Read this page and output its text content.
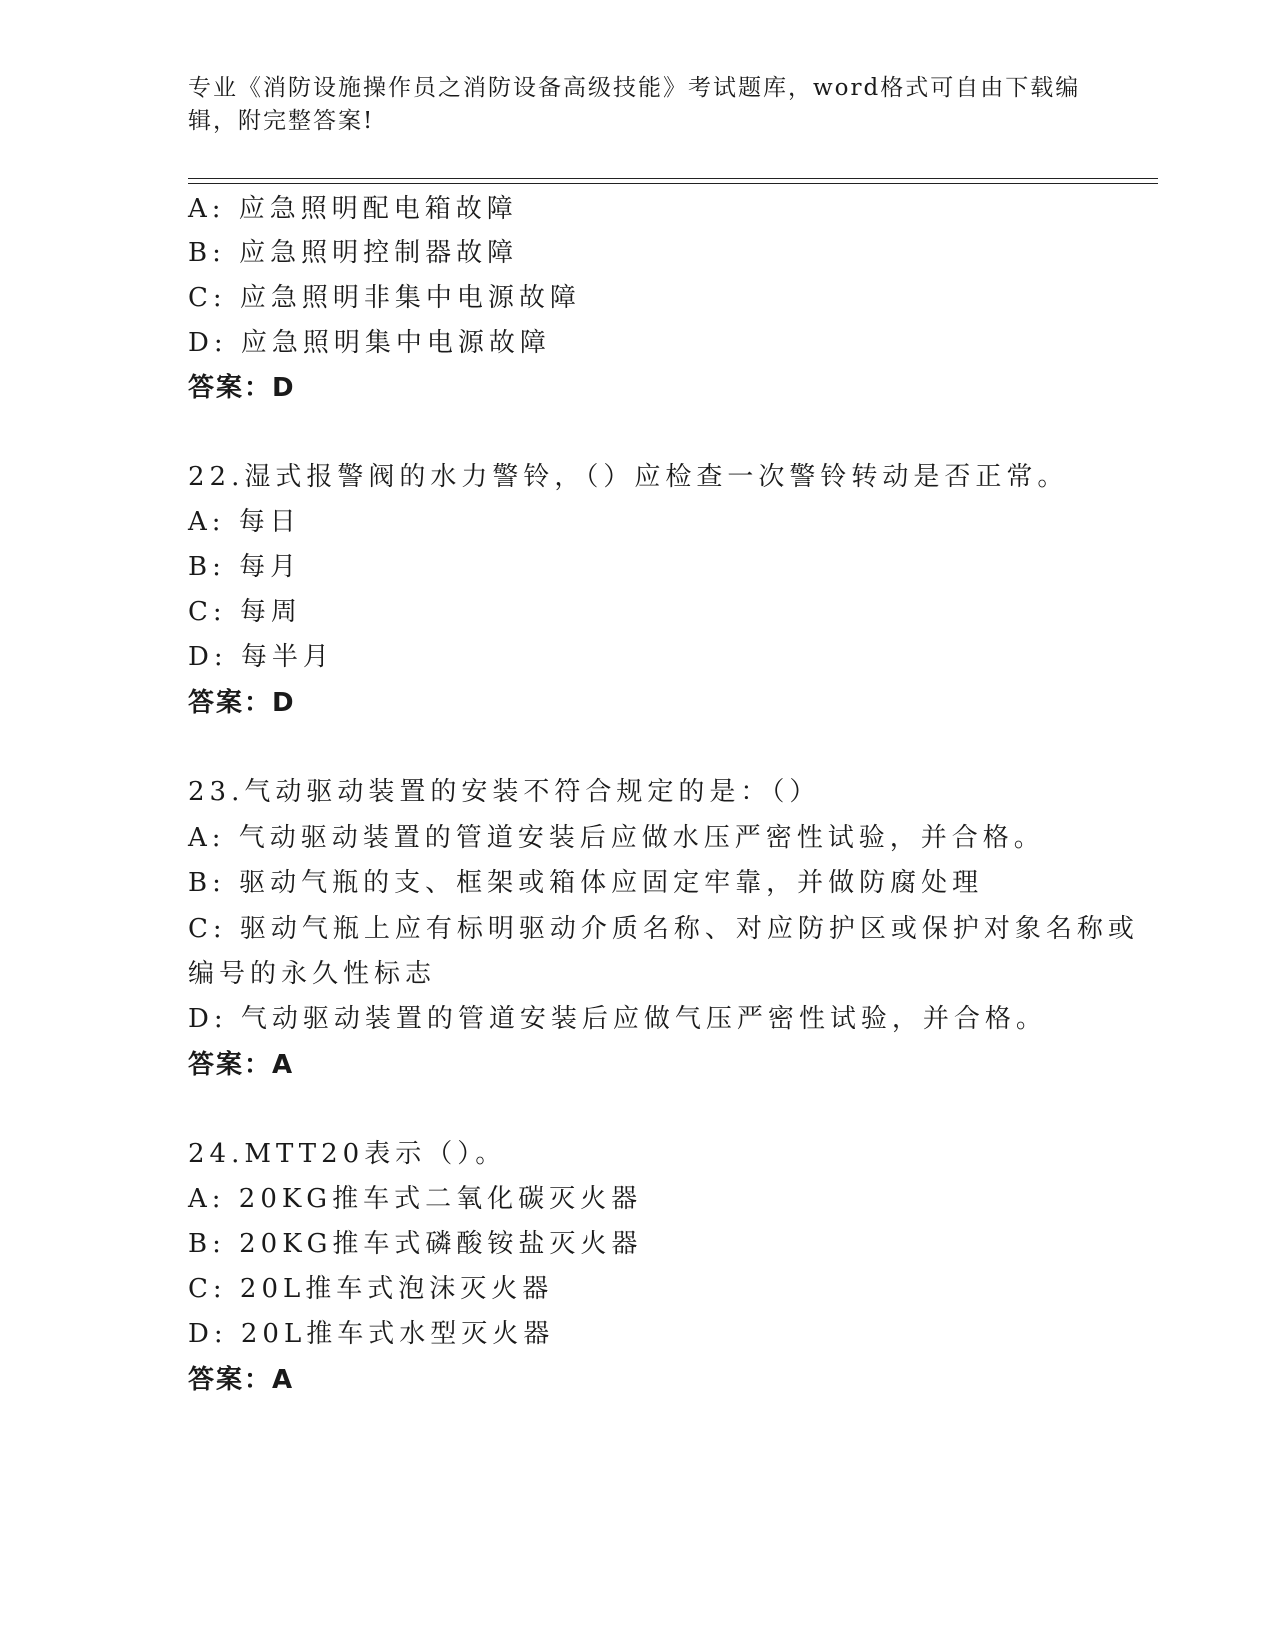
专业《消防设施操作员之消防设备高级技能》考试题库，word格式可自由下载编
辑，附完整答案!
A: 应急照明配电箱故障
B: 应急照明控制器故障
C: 应急照明非集中电源故障
D: 应急照明集中电源故障
答案：D
22.湿式报警阀的水力警铃，（）应检查一次警铃转动是否正常。
A: 每日
B: 每月
C: 每周
D: 每半月
答案：D
23.气动驱动装置的安装不符合规定的是：（）
A: 气动驱动装置的管道安装后应做水压严密性试验，并合格。
B: 驱动气瓶的支、框架或箱体应固定牢靠，并做防腐处理
C: 驱动气瓶上应有标明驱动介质名称、对应防护区或保护对象名称或
编号的永久性标志
D: 气动驱动装置的管道安装后应做气压严密性试验，并合格。
答案：A
24.MTT20表示（）。
A: 20KG推车式二氧化碳灭火器
B: 20KG推车式磷酸铵盐灭火器
C: 20L推车式泡沫灭火器
D: 20L推车式水型灭火器
答案：A
